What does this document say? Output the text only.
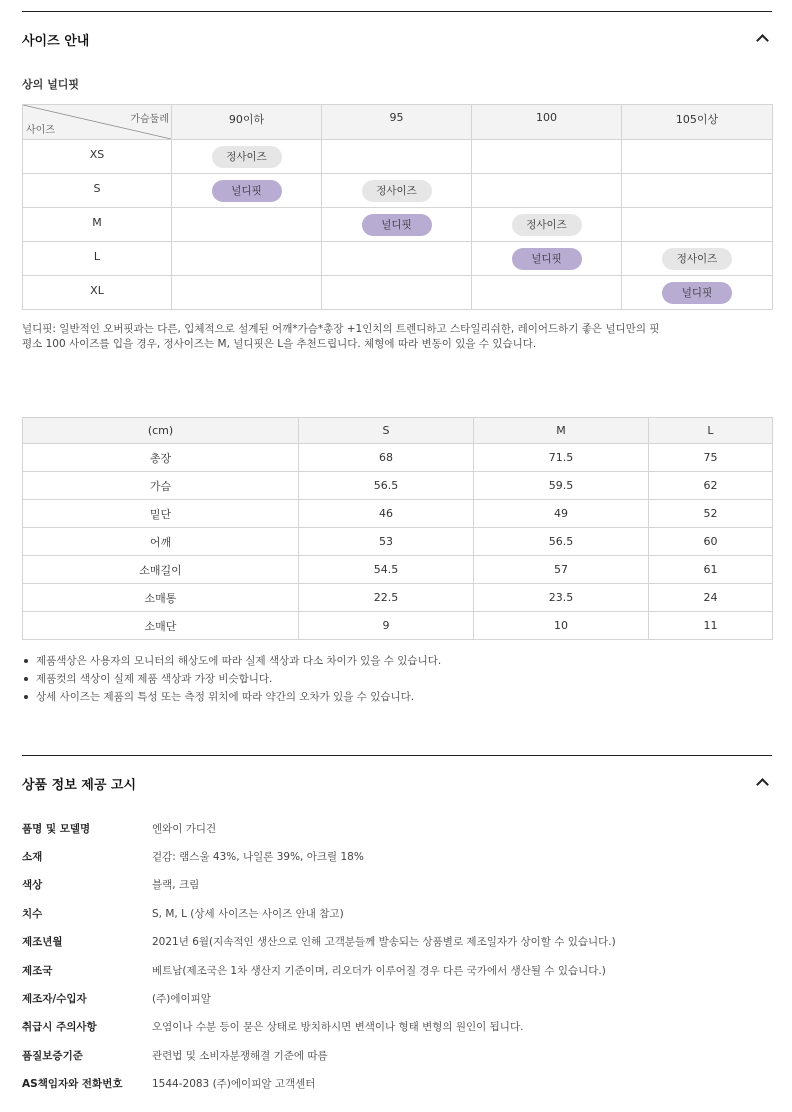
사이즈 안내
상의 널디핏
가슴둘레
사이즈	90이하	95	100	105이상
XS	정사이즈			
S	널디핏	정사이즈		
M		널디핏	정사이즈	
L			널디핏	정사이즈
XL				널디핏
널디핏: 일반적인 오버핏과는 다른, 입체적으로 설계된 어깨*가슴*총장 +1인치의 트렌디하고 스타일리쉬한, 레이어드하기 좋은 널디만의 핏
평소 100 사이즈를 입을 경우, 정사이즈는 M, 널디핏은 L을 추천드립니다. 체형에 따라 변동이 있을 수 있습니다.
(cm)	S	M	L
총장	68	71.5	75
가슴	56.5	59.5	62
밑단	46	49	52
어깨	53	56.5	60
소매길이	54.5	57	61
소매통	22.5	23.5	24
소매단	9	10	11
제품색상은 사용자의 모니터의 해상도에 따라 실제 색상과 다소 차이가 있을 수 있습니다.
제품컷의 색상이 실제 제품 색상과 가장 비슷합니다.
상세 사이즈는 제품의 특성 또는 측정 위치에 따라 약간의 오차가 있을 수 있습니다.
상품 정보 제공 고시
품명 및 모델명	엔와이 가디건
소재	겉감: 램스울 43%, 나일론 39%, 아크릴 18%
색상	블랙, 크림
치수	S, M, L (상세 사이즈는 사이즈 안내 참고)
제조년월	2021년 6월(지속적인 생산으로 인해 고객분들께 발송되는 상품별로 제조일자가 상이할 수 있습니다.)
제조국	베트남(제조국은 1차 생산지 기준이며, 리오더가 이루어질 경우 다른 국가에서 생산될 수 있습니다.)
제조자/수입자	(주)에이피알
취급시 주의사항	오염이나 수분 등이 묻은 상태로 방치하시면 변색이나 형태 변형의 원인이 됩니다.
품질보증기준	관련법 및 소비자분쟁해결 기준에 따름
AS책임자와 전화번호	1544-2083 (주)에이피알 고객센터
